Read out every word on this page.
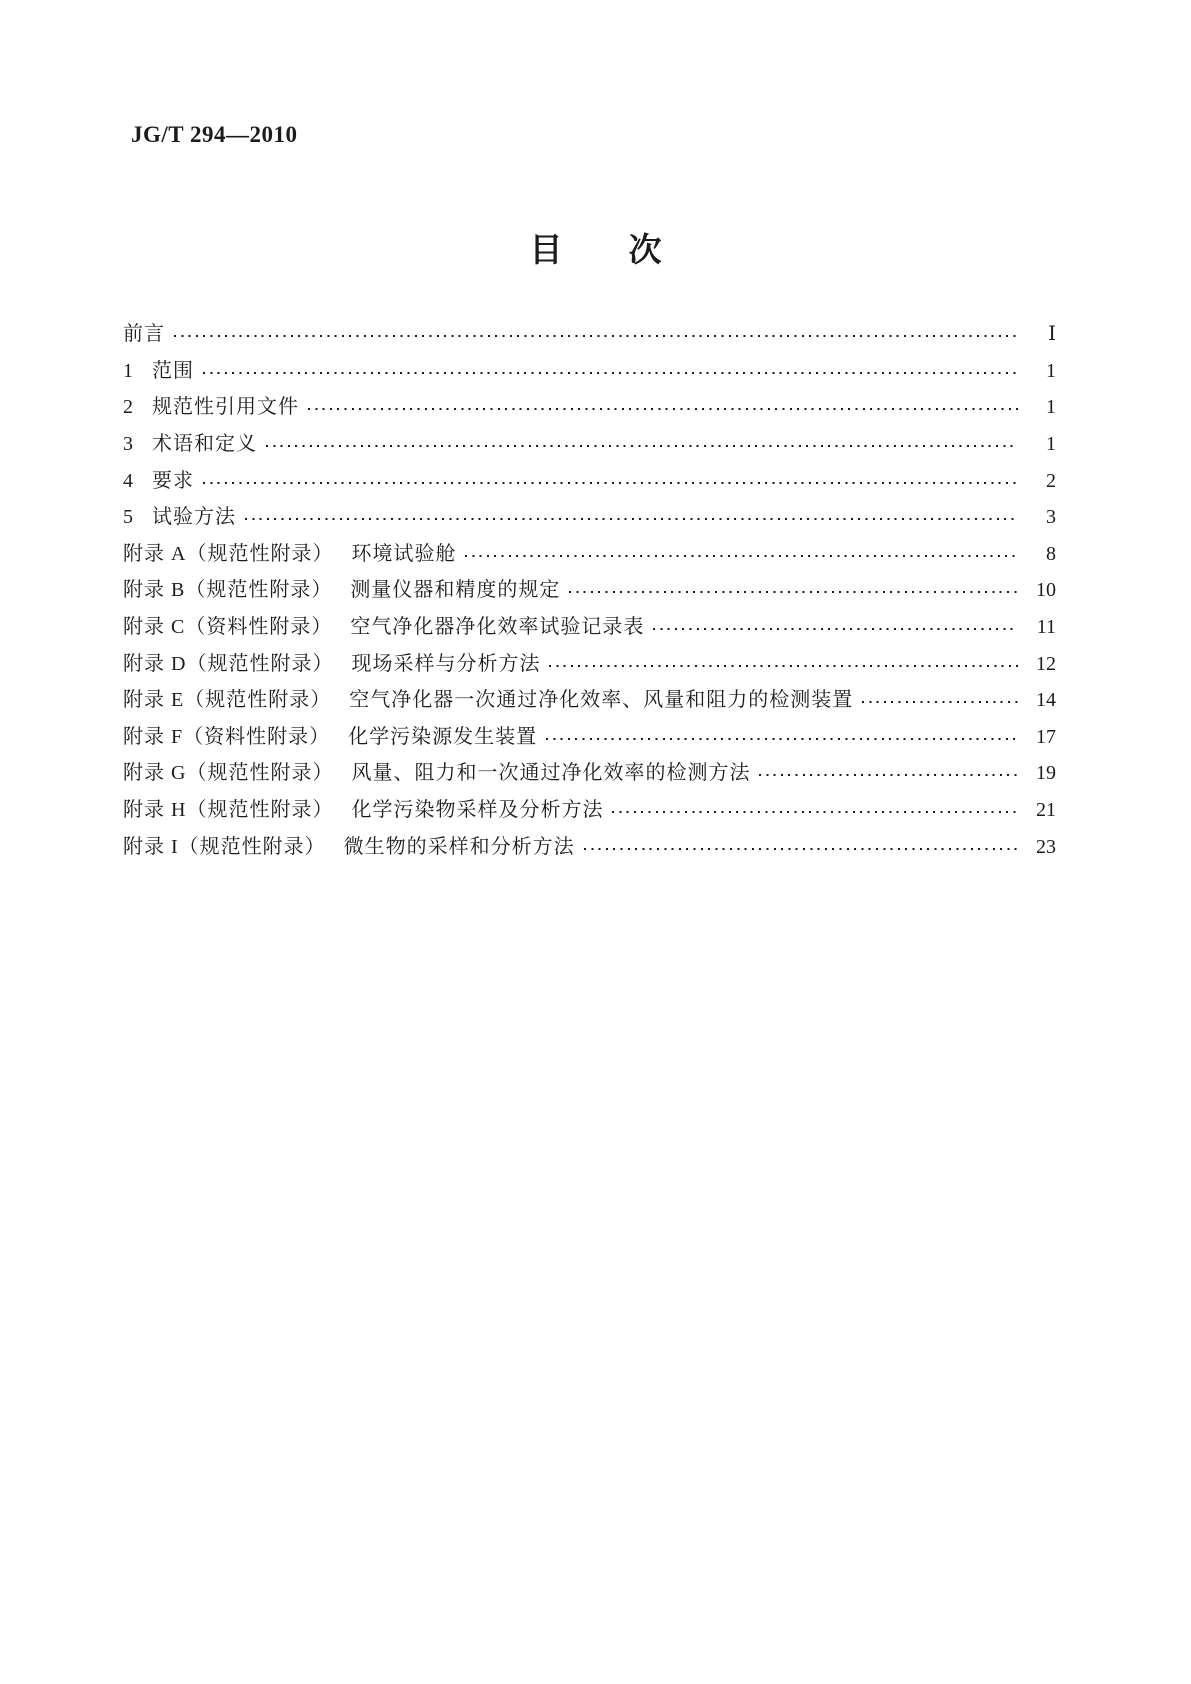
JG/T 294—2010
目　　次
前言	Ⅰ
1 范围	1
2 规范性引用文件	1
3 术语和定义	1
4 要求	2
5 试验方法	3
附录 A（规范性附录） 环境试验舱	8
附录 B（规范性附录） 测量仪器和精度的规定	10
附录 C（资料性附录） 空气净化器净化效率试验记录表	11
附录 D（规范性附录） 现场采样与分析方法	12
附录 E（规范性附录） 空气净化器一次通过净化效率、风量和阻力的检测装置	14
附录 F（资料性附录） 化学污染源发生装置	17
附录 G（规范性附录） 风量、阻力和一次通过净化效率的检测方法	19
附录 H（规范性附录） 化学污染物采样及分析方法	21
附录 I（规范性附录） 微生物的采样和分析方法	23
